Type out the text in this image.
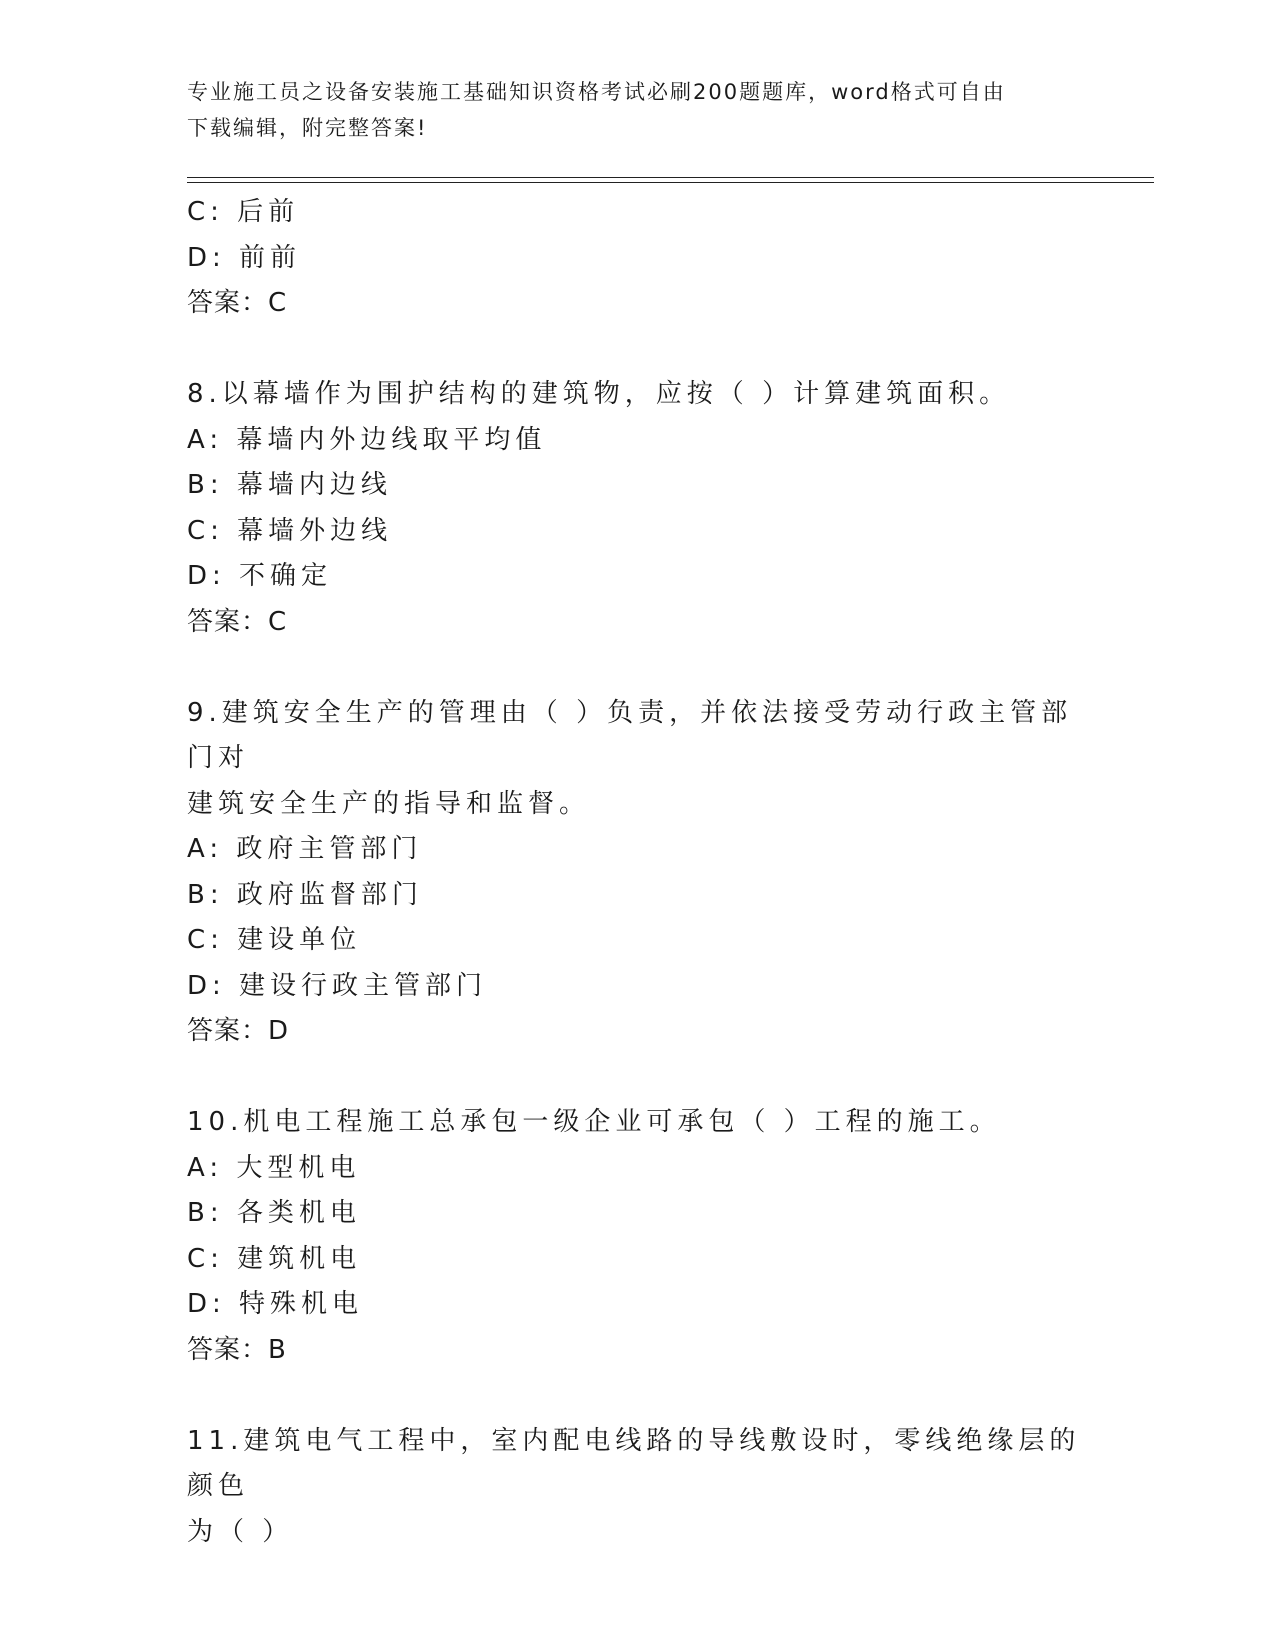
专业施工员之设备安装施工基础知识资格考试必刷200题题库，word格式可自由
下载编辑，附完整答案!
C: 后前
D: 前前
答案：C
8.以幕墙作为围护结构的建筑物，应按（ ）计算建筑面积。
A: 幕墙内外边线取平均值
B: 幕墙内边线
C: 幕墙外边线
D: 不确定
答案：C
9.建筑安全生产的管理由（ ）负责，并依法接受劳动行政主管部门对
建筑安全生产的指导和监督。
A: 政府主管部门
B: 政府监督部门
C: 建设单位
D: 建设行政主管部门
答案：D
10.机电工程施工总承包一级企业可承包（ ）工程的施工。
A: 大型机电
B: 各类机电
C: 建筑机电
D: 特殊机电
答案：B
11.建筑电气工程中，室内配电线路的导线敷设时，零线绝缘层的颜色
为（ ）
